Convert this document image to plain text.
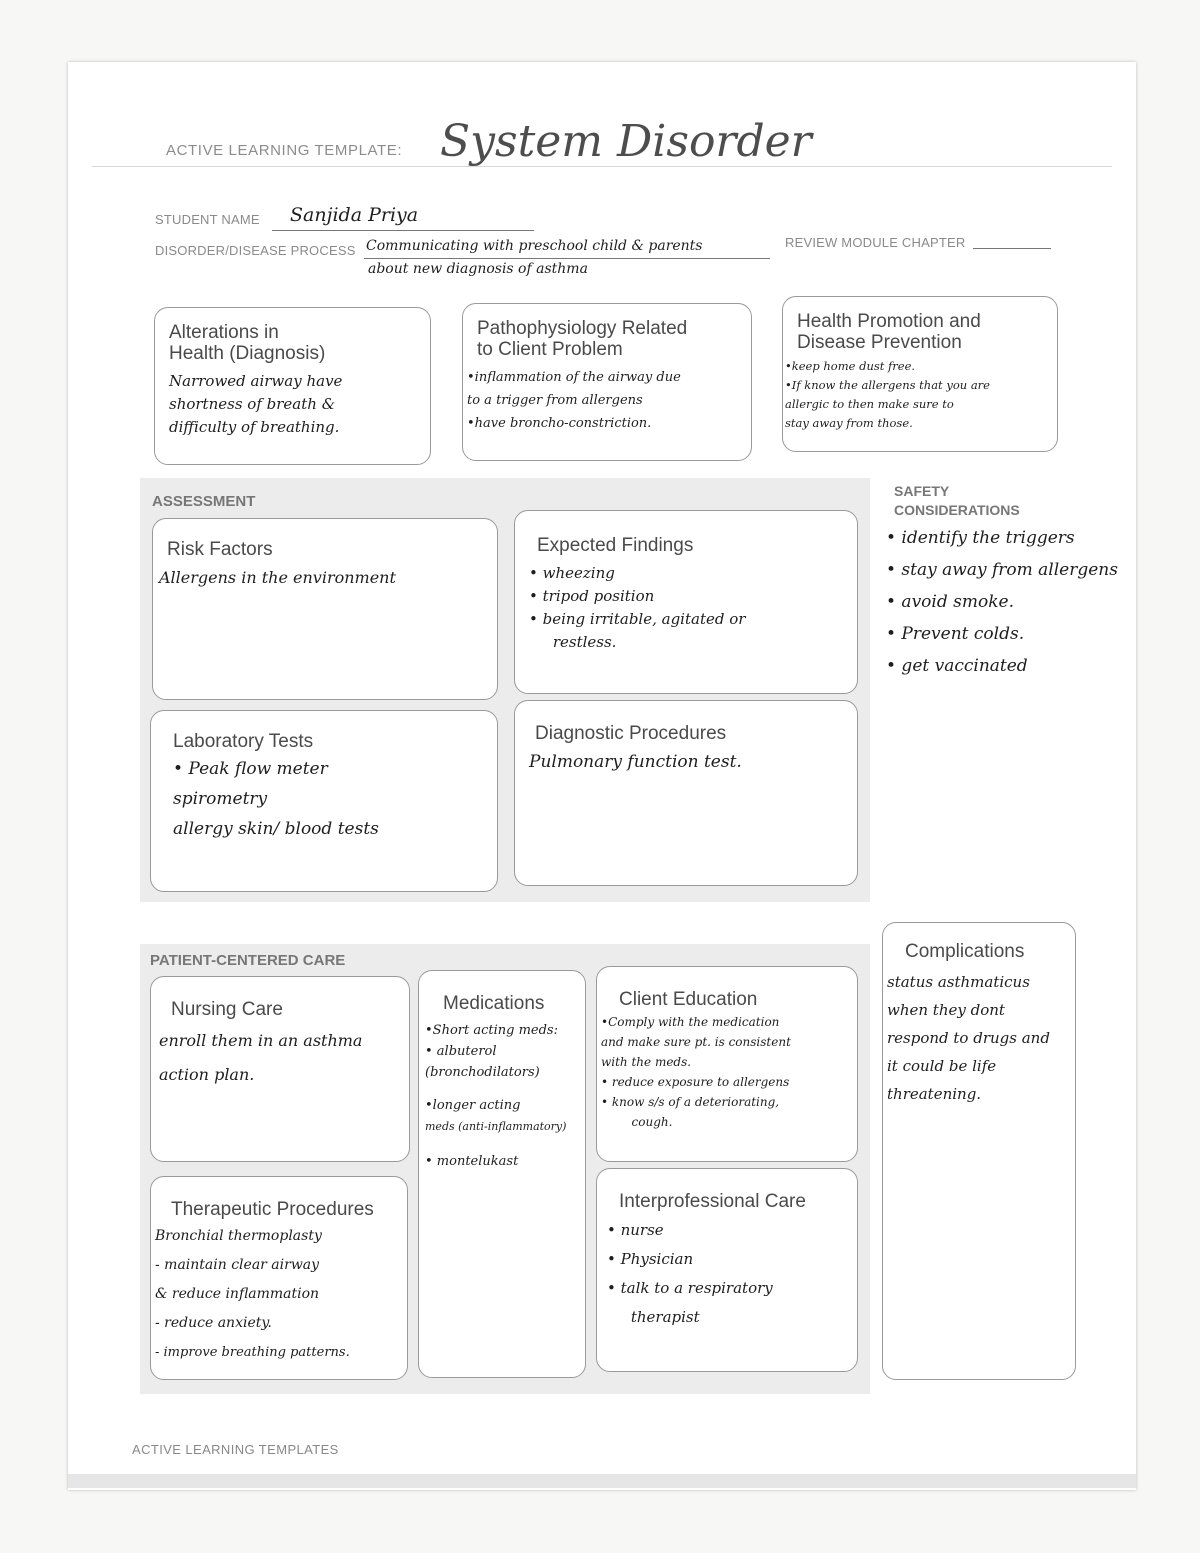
ACTIVE LEARNING TEMPLATE: System Disorder
STUDENT NAME Sanjida Priya
DISORDER/DISEASE PROCESS Communicating with preschool child & parents
about new diagnosis of asthma
REVIEW MODULE CHAPTER
Alterations in
Health (Diagnosis)
Narrowed airway have
shortness of breath &
difficulty of breathing.
Pathophysiology Related
to Client Problem
•inflammation of the airway due
to a trigger from allergens
•have broncho-constriction.
Health Promotion and
Disease Prevention
•keep home dust free.
•If know the allergens that you are
allergic to then make sure to
stay away from those.
ASSESSMENT
Risk Factors
Allergens in the environment
Expected Findings
• wheezing
• tripod position
• being irritable, agitated or
restless.
Laboratory Tests
• Peak flow meter
spirometry
allergy skin/ blood tests
Diagnostic Procedures
Pulmonary function test.
SAFETY
CONSIDERATIONS
• identify the triggers
• stay away from allergens
• avoid smoke.
• Prevent colds.
• get vaccinated
PATIENT-CENTERED CARE
Nursing Care
enroll them in an asthma
action plan.
Medications
•Short acting meds:
• albuterol
(bronchodilators)
•longer acting
meds (anti-inflammatory)
• montelukast
Client Education
•Comply with the medication
and make sure pt. is consistent
with the meds.
• reduce exposure to allergens
• know s/s of a deteriorating,
cough.
Therapeutic Procedures
Bronchial thermoplasty
- maintain clear airway
& reduce inflammation
- reduce anxiety.
- improve breathing patterns.
Interprofessional Care
• nurse
• Physician
• talk to a respiratory
therapist
Complications
status asthmaticus
when they dont
respond to drugs and
it could be life
threatening.
ACTIVE LEARNING TEMPLATES
